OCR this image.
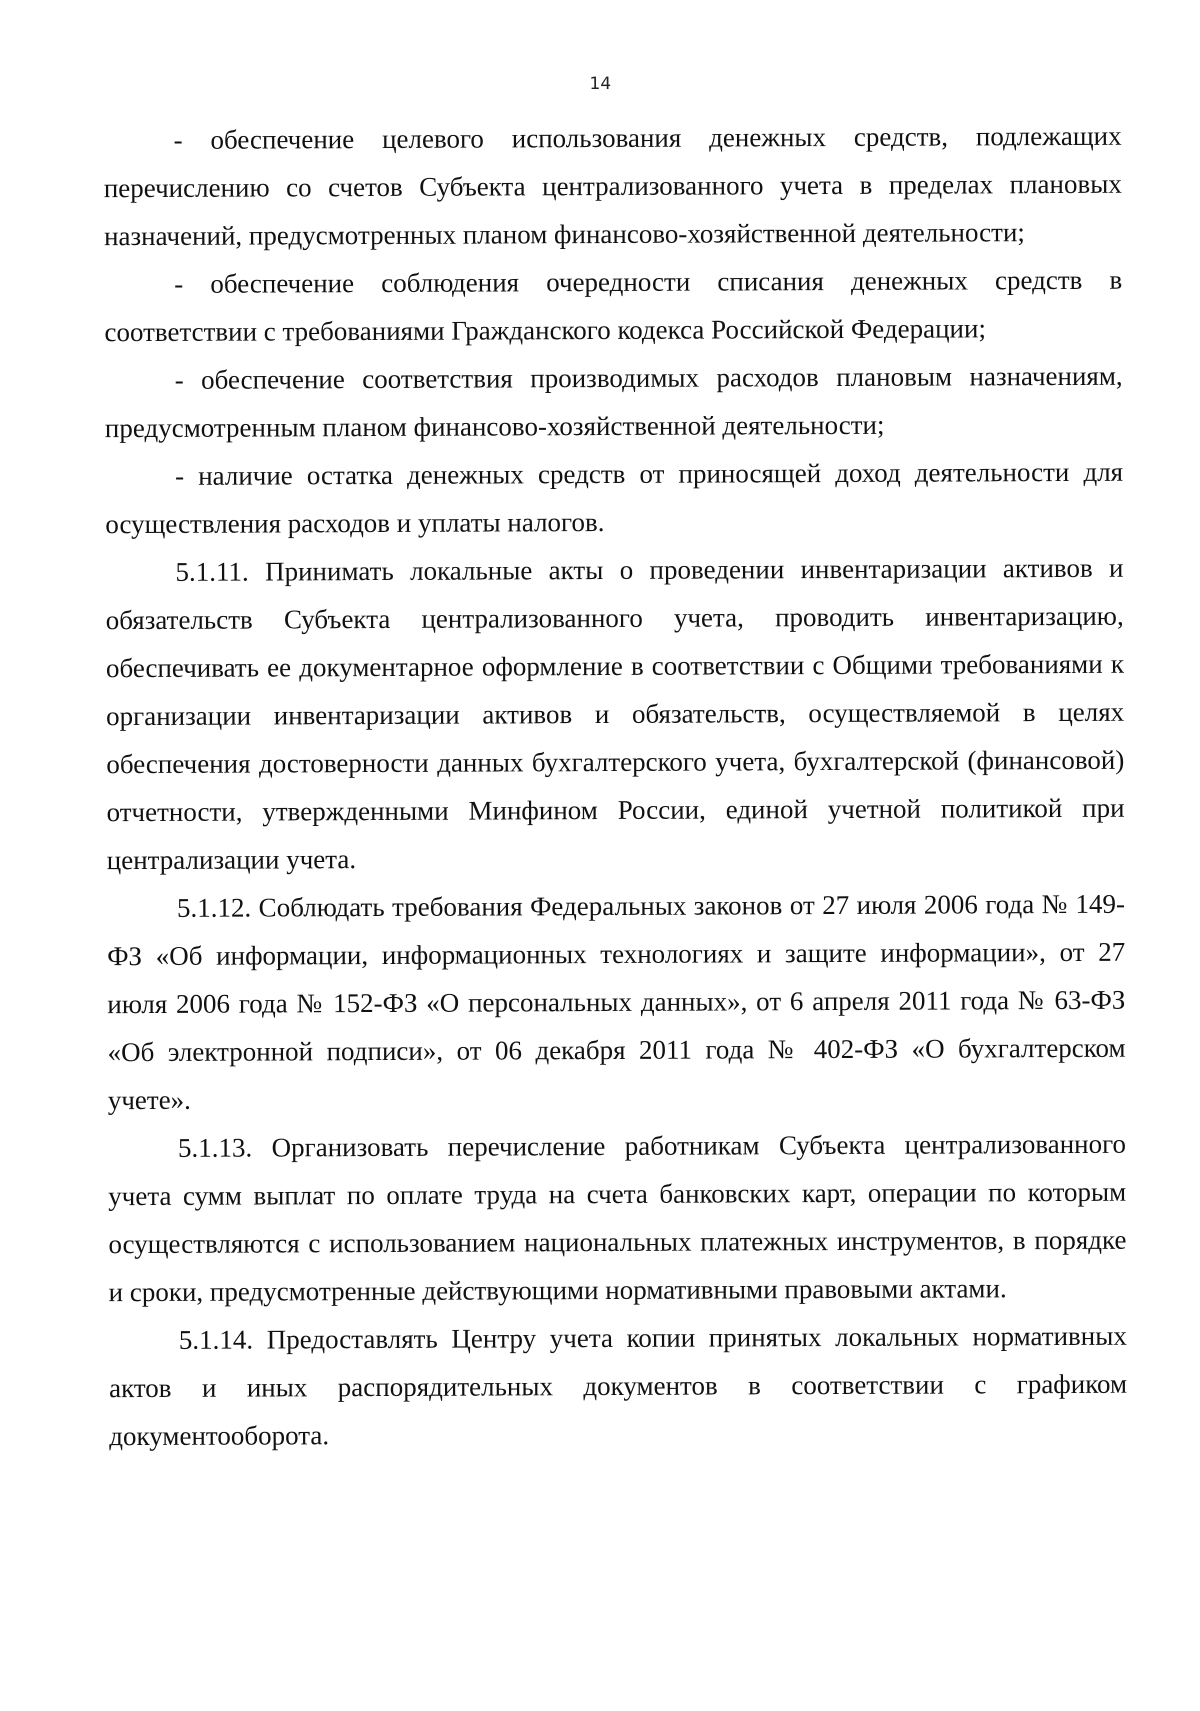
14

- обеспечение целевого использования денежных средств, подлежащих перечислению со счетов Субъекта централизованного учета в пределах плановых назначений, предусмотренных планом финансово-хозяйственной деятельности;

- обеспечение соблюдения очередности списания денежных средств в соответствии с требованиями Гражданского кодекса Российской Федерации;

- обеспечение соответствия производимых расходов плановым назначениям, предусмотренным планом финансово-хозяйственной деятельности;

- наличие остатка денежных средств от приносящей доход деятельности для осуществления расходов и уплаты налогов.

5.1.11. Принимать локальные акты о проведении инвентаризации активов и обязательств Субъекта централизованного учета, проводить инвентаризацию, обеспечивать ее документарное оформление в соответствии с Общими требованиями к организации инвентаризации активов и обязательств, осуществляемой в целях обеспечения достоверности данных бухгалтерского учета, бухгалтерской (финансовой) отчетности, утвержденными Минфином России, единой учетной политикой при централизации учета.

5.1.12. Соблюдать требования Федеральных законов от 27 июля 2006 года № 149-ФЗ «Об информации, информационных технологиях и защите информации», от 27 июля 2006 года № 152-ФЗ «О персональных данных», от 6 апреля 2011 года № 63-ФЗ «Об электронной подписи», от 06 декабря 2011 года № 402-ФЗ «О бухгалтерском учете».

5.1.13. Организовать перечисление работникам Субъекта централизованного учета сумм выплат по оплате труда на счета банковских карт, операции по которым осуществляются с использованием национальных платежных инструментов, в порядке и сроки, предусмотренные действующими нормативными правовыми актами.

5.1.14. Предоставлять Центру учета копии принятых локальных нормативных актов и иных распорядительных документов в соответствии с графиком документооборота.
